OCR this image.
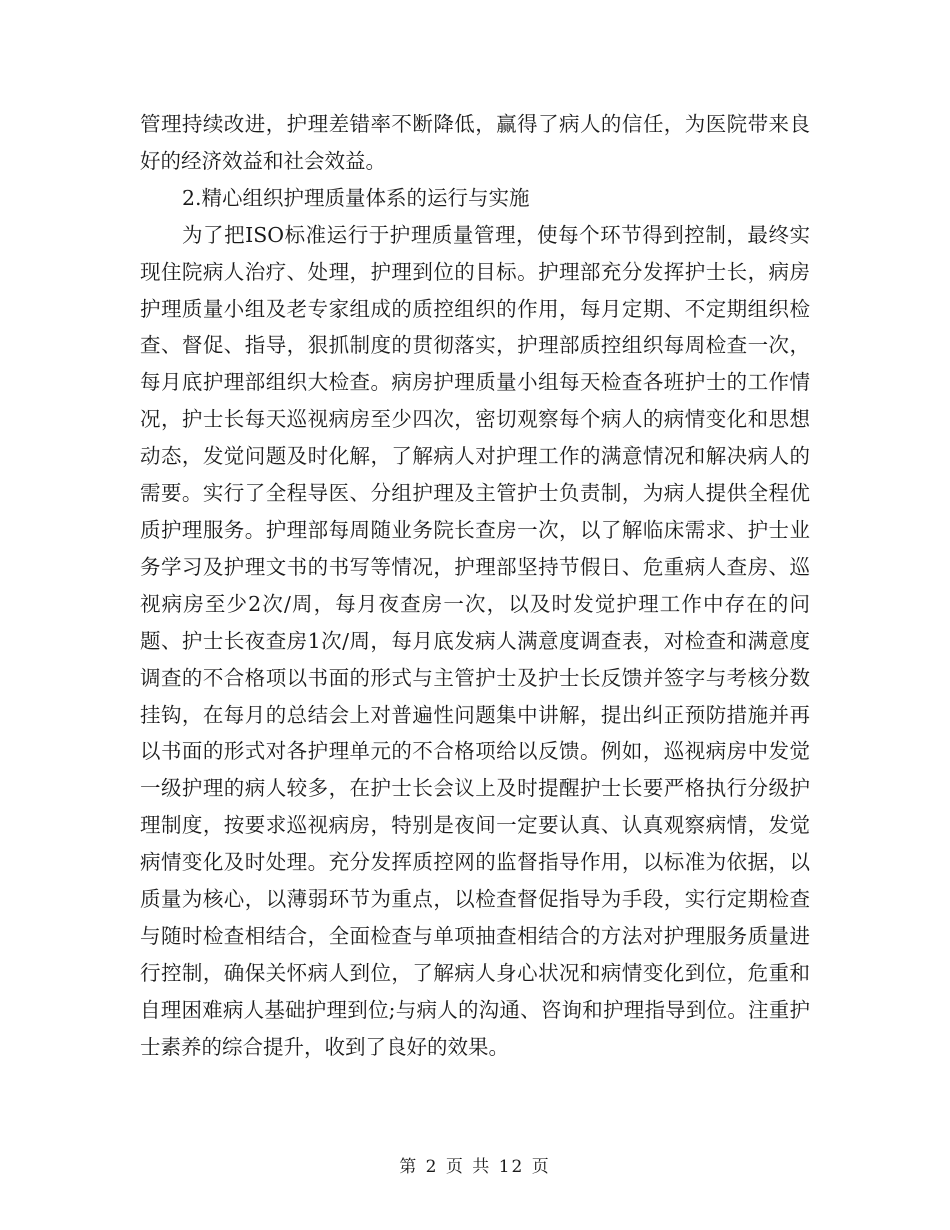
管理持续改进，护理差错率不断降低，赢得了病人的信任，为医院带来良好的经济效益和社会效益。

2.精心组织护理质量体系的运行与实施

为了把ISO标准运行于护理质量管理，使每个环节得到控制，最终实现住院病人治疗、处理，护理到位的目标。护理部充分发挥护士长，病房护理质量小组及老专家组成的质控组织的作用，每月定期、不定期组织检查、督促、指导，狠抓制度的贯彻落实，护理部质控组织每周检查一次，每月底护理部组织大检查。病房护理质量小组每天检查各班护士的工作情况，护士长每天巡视病房至少四次，密切观察每个病人的病情变化和思想动态，发觉问题及时化解，了解病人对护理工作的满意情况和解决病人的需要。实行了全程导医、分组护理及主管护士负责制，为病人提供全程优质护理服务。护理部每周随业务院长查房一次，以了解临床需求、护士业务学习及护理文书的书写等情况，护理部坚持节假日、危重病人查房、巡视病房至少2次/周，每月夜查房一次，以及时发觉护理工作中存在的问题、护士长夜查房1次/周，每月底发病人满意度调查表，对检查和满意度调查的不合格项以书面的形式与主管护士及护士长反馈并签字与考核分数挂钩，在每月的总结会上对普遍性问题集中讲解，提出纠正预防措施并再以书面的形式对各护理单元的不合格项给以反馈。例如，巡视病房中发觉一级护理的病人较多，在护士长会议上及时提醒护士长要严格执行分级护理制度，按要求巡视病房，特别是夜间一定要认真、认真观察病情，发觉病情变化及时处理。充分发挥质控网的监督指导作用，以标准为依据，以质量为核心，以薄弱环节为重点，以检查督促指导为手段，实行定期检查与随时检查相结合，全面检查与单项抽查相结合的方法对护理服务质量进行控制，确保关怀病人到位，了解病人身心状况和病情变化到位，危重和自理困难病人基础护理到位;与病人的沟通、咨询和护理指导到位。注重护士素养的综合提升，收到了良好的效果。

第 2 页 共 12 页
